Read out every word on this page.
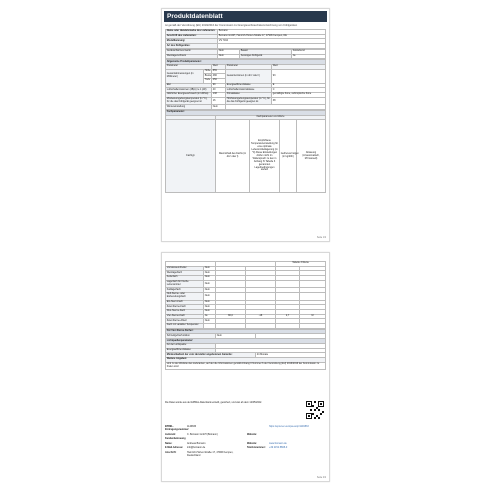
Produktdatenblatt
ist gemäß der Verordnung (EU) 2019/2016 der Kommission zur Energieverbrauchskennzeichnung von Kühlgeräten
Name oder Handelsmarke des Lieferanten:	Bomann
Anschrift des Lieferanten:	Bomann GmbH, Heinrich-Horten-Straße 17, 47906 Kempen, DE
Modellkennung:	VS 7194
Art des Kühlgerätes:	
Geräuscharmes Gerät	Nein	Bauart	freistehend
Weinlagerschrank	Nein	Sonstiges Kühlgerät	Ja
Allgemeine Produktparameter:				
Parameter		Wert	Parameter	Wert
Gesamtabmessungen (in Millimeter)	Höhe	855	Gesamtvolumen (in dm³ oder l)	93
	Breite	480		
	Tiefe	450		
EEI		99	Energieeffizienzklasse	E
Luftschallemissionen (dB(A) re 1 pW)		40	Luftschallemissionsklasse	C
Jährlicher Energieverbrauch (in kWh/a)		138	Klimaklasse:	gemäßigte Zone, subtropische Zone
Mindestumgebungstemperatur (in °C), für die das Kühlgerät geeignet ist		16	Höchstumgebungstemperatur (in °C), für die das Kühlgerät geeignet ist	38
Wintereinstellung		Nein		
Fachparameter:				
	Fachparameter und Werte			
Fachtyp	Rauminhalt des Fachs (in dm³ oder l)	Empfohlene Temperatureinstellung für eine optimale Lebensmittellagerung (in °C) Diese Einstellungen dürfen nicht im Widerspruch zu den in Anhang IV Tabelle 3 genannten Lagerbedingungen stehen	Gefriervermögen (in kg/24h)	Abtauung (A=automatisch, M=manuell)
Seite 1/2
				Tabelle 3 Werte	
Vorratsraum/Keller	Nein				
Weinlagerfach	Nein				
Kellerfach	Nein				
Lagerfach für frische Lebensmittel	Nein				
Kaltlagerfach	Nein				
Null-Sterne- oder Eisbereitungsfach	Nein				
Ein-Stern-Fach	Nein				
Zwei-Sterne-Fach	Nein				
Drei-Sterne-Fach	Nein				
Vier-Sterne-Fach	Ja	80,0	-18	2,7	M
Zwei-Sterne-Abteil	Nein				
Fach mit variabler Temperatur					
Für Vier-Sterne-Fächer:		
Schnellgefrierfunktion	Nein	
Lichtquellenparameter:		
Art der Lichtquelle:		
Energieeffizienzklasse:		
Mindestlaufzeit der vom Hersteller angebotenen Garantie:		24 Monate
Weitere Angaben:		
Link zu der Website des Lieferanten, auf der die Informationen gemäß Anhang II Nummer 6 der Verordnung (EU) 2019/2019 der Kommission zu finden sind:		
Die Datei wurde aus der EPREL-Datenbank erstellt, gesichert, und war ab dem 12/05/2022.
EPREL-Eintragungsnummer:
1146833	https://eprel.ec.europa.eu/qr/1146833
Lieferant:	C. Bomann GmbH (Bomann)	Website:
Kundenbetreuung
Name:	Andreas Bomann	Website:	www.bomann.de
E-Mail-Adresse:	info@bomann.de	Telefonnummer:	+49 2152 8808-0
Anschrift:	Heinrich-Horten-Straße 17, 47906 Kempen, Deutschland
Seite 2/2
